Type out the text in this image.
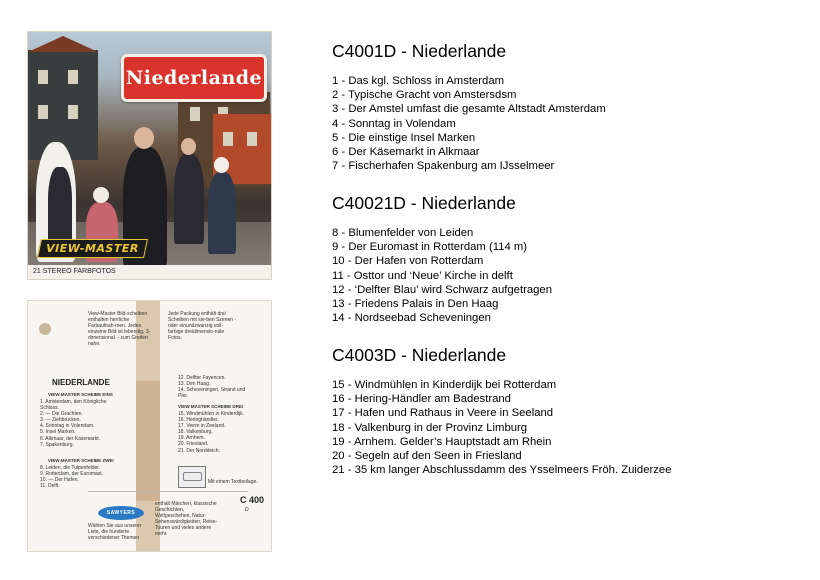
Niederlande
VIEW-MASTER
21 STEREO FARBFOTOS
View-Master Bild-scheiben enthalten herrliche Farbaufnah-men. Jedes einzelne Bild ist lebendig, 3-dimensional. - zum Greifen nahe.
Jede Packung enthält drei Scheiben mit sie-ben Szenen - oder einundzwanzig voll-farbige dreidimensio-nale Fotos.
NIEDERLANDE
VIEW-MASTER SCHEIBE EINS
1. Amsterdam, den Königliche
Schloss.
2. — Die Grachten.
3. — Ziehbrücken.
4. Sonntag in Volendam.
5. Insel Marken.
6. Alkmaar, der Käsemarkt.
7. Spakenburg.
VIEW-MASTER SCHEIBE ZWEI
8. Leiden, die Tulpenfelder.
9. Rotterdam, der Euromast.
10. — Der Hafen.
11. Delft.
12. Delfter Fayencen.
13. Den Haag.
14. Scheveningen, Strand und
Pier.
VIEW-MASTER SCHEIBE DREI
15. Windmühlen in Kinderdijk.
16. Heringhändler.
17. Veere in Zeeland.
18. Valkenburg.
19. Arnhem.
20. Friesland.
21. Der Norddeich.
Mit einem Textbeilage.
SAWYERS
C 400
D
Wählen Sie aus unserer Liste, die hunderte verschiedener Themen
enthält Märchen, klassische Geschichten, Weltgeschehen, Natur-Sehenswürdigkeiten, Reise-Touren und vieles andere mehr.
C4001D - Niederlande
1 - Das kgl. Schloss in Amsterdam
2 - Typische Gracht von Amstersdsm
3 - Der Amstel umfast die gesamte Altstadt Amsterdam
4 - Sonntag in Volendam
5 - Die einstige Insel Marken
6 - Der Käsemarkt in Alkmaar
7 - Fischerhafen Spakenburg am IJsselmeer
C40021D - Niederlande
8 - Blumenfelder von Leiden
9 - Der Euromast in Rotterdam (114 m)
10 - Der Hafen von Rotterdam
11 - Osttor und ‘Neue’ Kirche in delft
12 - ‘Delfter Blau’ wird Schwarz aufgetragen
13 - Friedens Palais in Den Haag
14 - Nordseebad Scheveningen
C4003D - Niederlande
15 - Windmühlen in Kinderdijk bei Rotterdam
16 - Hering-Händler am Badestrand
17 - Hafen und Rathaus in Veere in Seeland
18 - Valkenburg in der Provinz Limburg
19 - Arnhem. Gelder’s Hauptstadt am Rhein
20 - Segeln auf den Seen in Friesland
21 - 35 km langer Abschlussdamm des Ysselmeers Fröh. Zuiderzee
